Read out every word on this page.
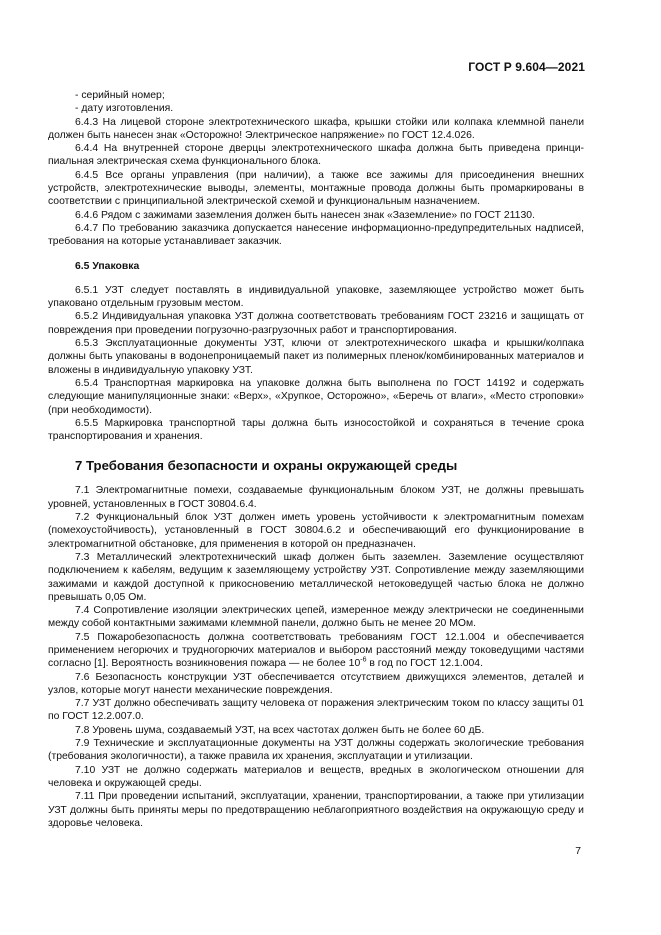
ГОСТ Р 9.604—2021

- серийный номер;

- дату изготовления.

6.4.3 На лицевой стороне электротехнического шкафа, крышки стойки или колпака клеммной панели должен быть нанесен знак «Осторожно! Электрическое напряжение» по ГОСТ 12.4.026.

6.4.4 На внутренней стороне дверцы электротехнического шкафа должна быть приведена принципиальная электрическая схема функционального блока.

6.4.5 Все органы управления (при наличии), а также все зажимы для присоединения внешних устройств, электротехнические выводы, элементы, монтажные провода должны быть промаркированы в соответствии с принципиальной электрической схемой и функциональным назначением.

6.4.6 Рядом с зажимами заземления должен быть нанесен знак «Заземление» по ГОСТ 21130.

6.4.7 По требованию заказчика допускается нанесение информационно-предупредительных надписей, требования на которые устанавливает заказчик.

6.5 Упаковка

6.5.1 УЗТ следует поставлять в индивидуальной упаковке, заземляющее устройство может быть упаковано отдельным грузовым местом.

6.5.2 Индивидуальная упаковка УЗТ должна соответствовать требованиям ГОСТ 23216 и защищать от повреждения при проведении погрузочно-разгрузочных работ и транспортирования.

6.5.3 Эксплуатационные документы УЗТ, ключи от электротехнического шкафа и крышки/колпака должны быть упакованы в водонепроницаемый пакет из полимерных пленок/комбинированных материалов и вложены в индивидуальную упаковку УЗТ.

6.5.4 Транспортная маркировка на упаковке должна быть выполнена по ГОСТ 14192 и содержать следующие манипуляционные знаки: «Верх», «Хрупкое, Осторожно», «Беречь от влаги», «Место строповки» (при необходимости).

6.5.5 Маркировка транспортной тары должна быть износостойкой и сохраняться в течение срока транспортирования и хранения.

7 Требования безопасности и охраны окружающей среды

7.1 Электромагнитные помехи, создаваемые функциональным блоком УЗТ, не должны превышать уровней, установленных в ГОСТ 30804.6.4.

7.2 Функциональный блок УЗТ должен иметь уровень устойчивости к электромагнитным помехам (помехоустойчивость), установленный в ГОСТ 30804.6.2 и обеспечивающий его функционирование в электромагнитной обстановке, для применения в которой он предназначен.

7.3 Металлический электротехнический шкаф должен быть заземлен. Заземление осуществляют подключением к кабелям, ведущим к заземляющему устройству УЗТ. Сопротивление между заземляющими зажимами и каждой доступной к прикосновению металлической нетоковедущей частью блока не должно превышать 0,05 Ом.

7.4 Сопротивление изоляции электрических цепей, измеренное между электрически не соединенными между собой контактными зажимами клеммной панели, должно быть не менее 20 МОм.

7.5 Пожаробезопасность должна соответствовать требованиям ГОСТ 12.1.004 и обеспечивается применением негорючих и трудногорючих материалов и выбором расстояний между токоведущими частями согласно [1]. Вероятность возникновения пожара — не более $10^{-6}$ в год по ГОСТ 12.1.004.

7.6 Безопасность конструкции УЗТ обеспечивается отсутствием движущихся элементов, деталей и узлов, которые могут нанести механические повреждения.

7.7 УЗТ должно обеспечивать защиту человека от поражения электрическим током по классу защиты 01 по ГОСТ 12.2.007.0.

7.8 Уровень шума, создаваемый УЗТ, на всех частотах должен быть не более 60 дБ.

7.9 Технические и эксплуатационные документы на УЗТ должны содержать экологические требования (требования экологичности), а также правила их хранения, эксплуатации и утилизации.

7.10 УЗТ не должно содержать материалов и веществ, вредных в экологическом отношении для человека и окружающей среды.

7.11 При проведении испытаний, эксплуатации, хранении, транспортировании, а также при утилизации УЗТ должны быть приняты меры по предотвращению неблагоприятного воздействия на окружающую среду и здоровье человека.

7
